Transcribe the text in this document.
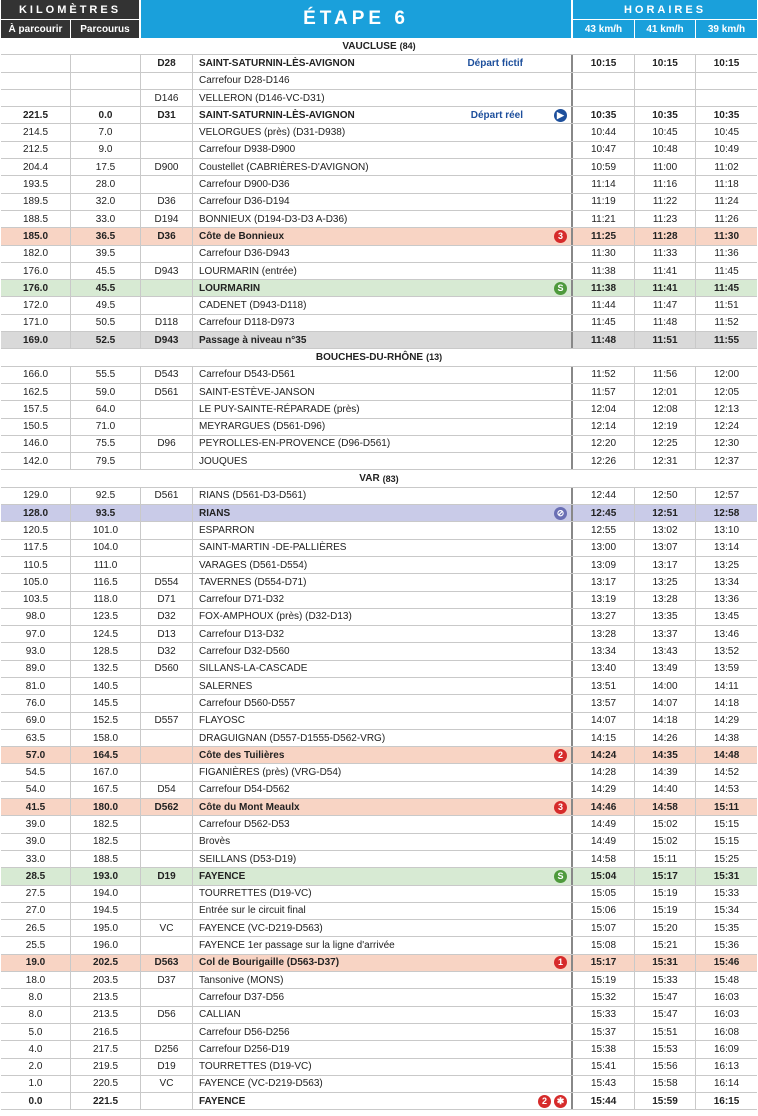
KILOMÈTRES
À parcourir	Parcourus	ÉTAPE 6	HORAIRES
43 km/h	41 km/h	39 km/h
VAUCLUSE (84)
D28	SAINT-SATURNIN-LÈS-AVIGNON	Départ fictif	10:15	10:15	10:15
Carrefour D28-D146
D146	VELLERON (D146-VC-D31)
221.5	0.0	D31	SAINT-SATURNIN-LÈS-AVIGNON	Départ réel	▶	10:35	10:35	10:35
214.5	7.0	VELORGUES (près) (D31-D938)	10:44	10:45	10:45
212.5	9.0	Carrefour D938-D900	10:47	10:48	10:49
204.4	17.5	D900	Coustellet (CABRIÈRES-D'AVIGNON)	10:59	11:00	11:02
193.5	28.0	Carrefour D900-D36	11:14	11:16	11:18
189.5	32.0	D36	Carrefour D36-D194	11:19	11:22	11:24
188.5	33.0	D194	BONNIEUX (D194-D3-D3 A-D36)	11:21	11:23	11:26
185.0	36.5	D36	Côte de Bonnieux	3	11:25	11:28	11:30
182.0	39.5	Carrefour D36-D943	11:30	11:33	11:36
176.0	45.5	D943	LOURMARIN (entrée)	11:38	11:41	11:45
176.0	45.5	LOURMARIN	S	11:38	11:41	11:45
172.0	49.5	CADENET (D943-D118)	11:44	11:47	11:51
171.0	50.5	D118	Carrefour D118-D973	11:45	11:48	11:52
169.0	52.5	D943	Passage à niveau n°35	11:48	11:51	11:55
BOUCHES-DU-RHÔNE (13)
166.0	55.5	D543	Carrefour D543-D561	11:52	11:56	12:00
162.5	59.0	D561	SAINT-ESTÈVE-JANSON	11:57	12:01	12:05
157.5	64.0	LE PUY-SAINTE-RÉPARADE (près)	12:04	12:08	12:13
150.5	71.0	MEYRARGUES (D561-D96)	12:14	12:19	12:24
146.0	75.5	D96	PEYROLLES-EN-PROVENCE (D96-D561)	12:20	12:25	12:30
142.0	79.5	JOUQUES	12:26	12:31	12:37
VAR (83)
129.0	92.5	D561	RIANS (D561-D3-D561)	12:44	12:50	12:57
128.0	93.5	RIANS	⊘	12:45	12:51	12:58
120.5	101.0	ESPARRON	12:55	13:02	13:10
117.5	104.0	SAINT-MARTIN -DE-PALLIÈRES	13:00	13:07	13:14
110.5	111.0	VARAGES (D561-D554)	13:09	13:17	13:25
105.0	116.5	D554	TAVERNES (D554-D71)	13:17	13:25	13:34
103.5	118.0	D71	Carrefour D71-D32	13:19	13:28	13:36
98.0	123.5	D32	FOX-AMPHOUX (près) (D32-D13)	13:27	13:35	13:45
97.0	124.5	D13	Carrefour D13-D32	13:28	13:37	13:46
93.0	128.5	D32	Carrefour D32-D560	13:34	13:43	13:52
89.0	132.5	D560	SILLANS-LA-CASCADE	13:40	13:49	13:59
81.0	140.5	SALERNES	13:51	14:00	14:11
76.0	145.5	Carrefour D560-D557	13:57	14:07	14:18
69.0	152.5	D557	FLAYOSC	14:07	14:18	14:29
63.5	158.0	DRAGUIGNAN (D557-D1555-D562-VRG)	14:15	14:26	14:38
57.0	164.5	Côte des Tuilières	2	14:24	14:35	14:48
54.5	167.0	FIGANIÈRES (près) (VRG-D54)	14:28	14:39	14:52
54.0	167.5	D54	Carrefour D54-D562	14:29	14:40	14:53
41.5	180.0	D562	Côte du Mont Meaulx	3	14:46	14:58	15:11
39.0	182.5	Carrefour D562-D53	14:49	15:02	15:15
39.0	182.5	Brovès	14:49	15:02	15:15
33.0	188.5	SEILLANS (D53-D19)	14:58	15:11	15:25
28.5	193.0	D19	FAYENCE	S	15:04	15:17	15:31
27.5	194.0	TOURRETTES (D19-VC)	15:05	15:19	15:33
27.0	194.5	Entrée sur le circuit final	15:06	15:19	15:34
26.5	195.0	VC	FAYENCE (VC-D219-D563)	15:07	15:20	15:35
25.5	196.0	FAYENCE 1er passage sur la ligne d'arrivée	15:08	15:21	15:36
19.0	202.5	D563	Col de Bourigaille (D563-D37)	1	15:17	15:31	15:46
18.0	203.5	D37	Tansonive (MONS)	15:19	15:33	15:48
8.0	213.5	Carrefour D37-D56	15:32	15:47	16:03
8.0	213.5	D56	CALLIAN	15:33	15:47	16:03
5.0	216.5	Carrefour D56-D256	15:37	15:51	16:08
4.0	217.5	D256	Carrefour D256-D19	15:38	15:53	16:09
2.0	219.5	D19	TOURRETTES (D19-VC)	15:41	15:56	16:13
1.0	220.5	VC	FAYENCE (VC-D219-D563)	15:43	15:58	16:14
0.0	221.5	FAYENCE	2	✱	15:44	15:59	16:15
